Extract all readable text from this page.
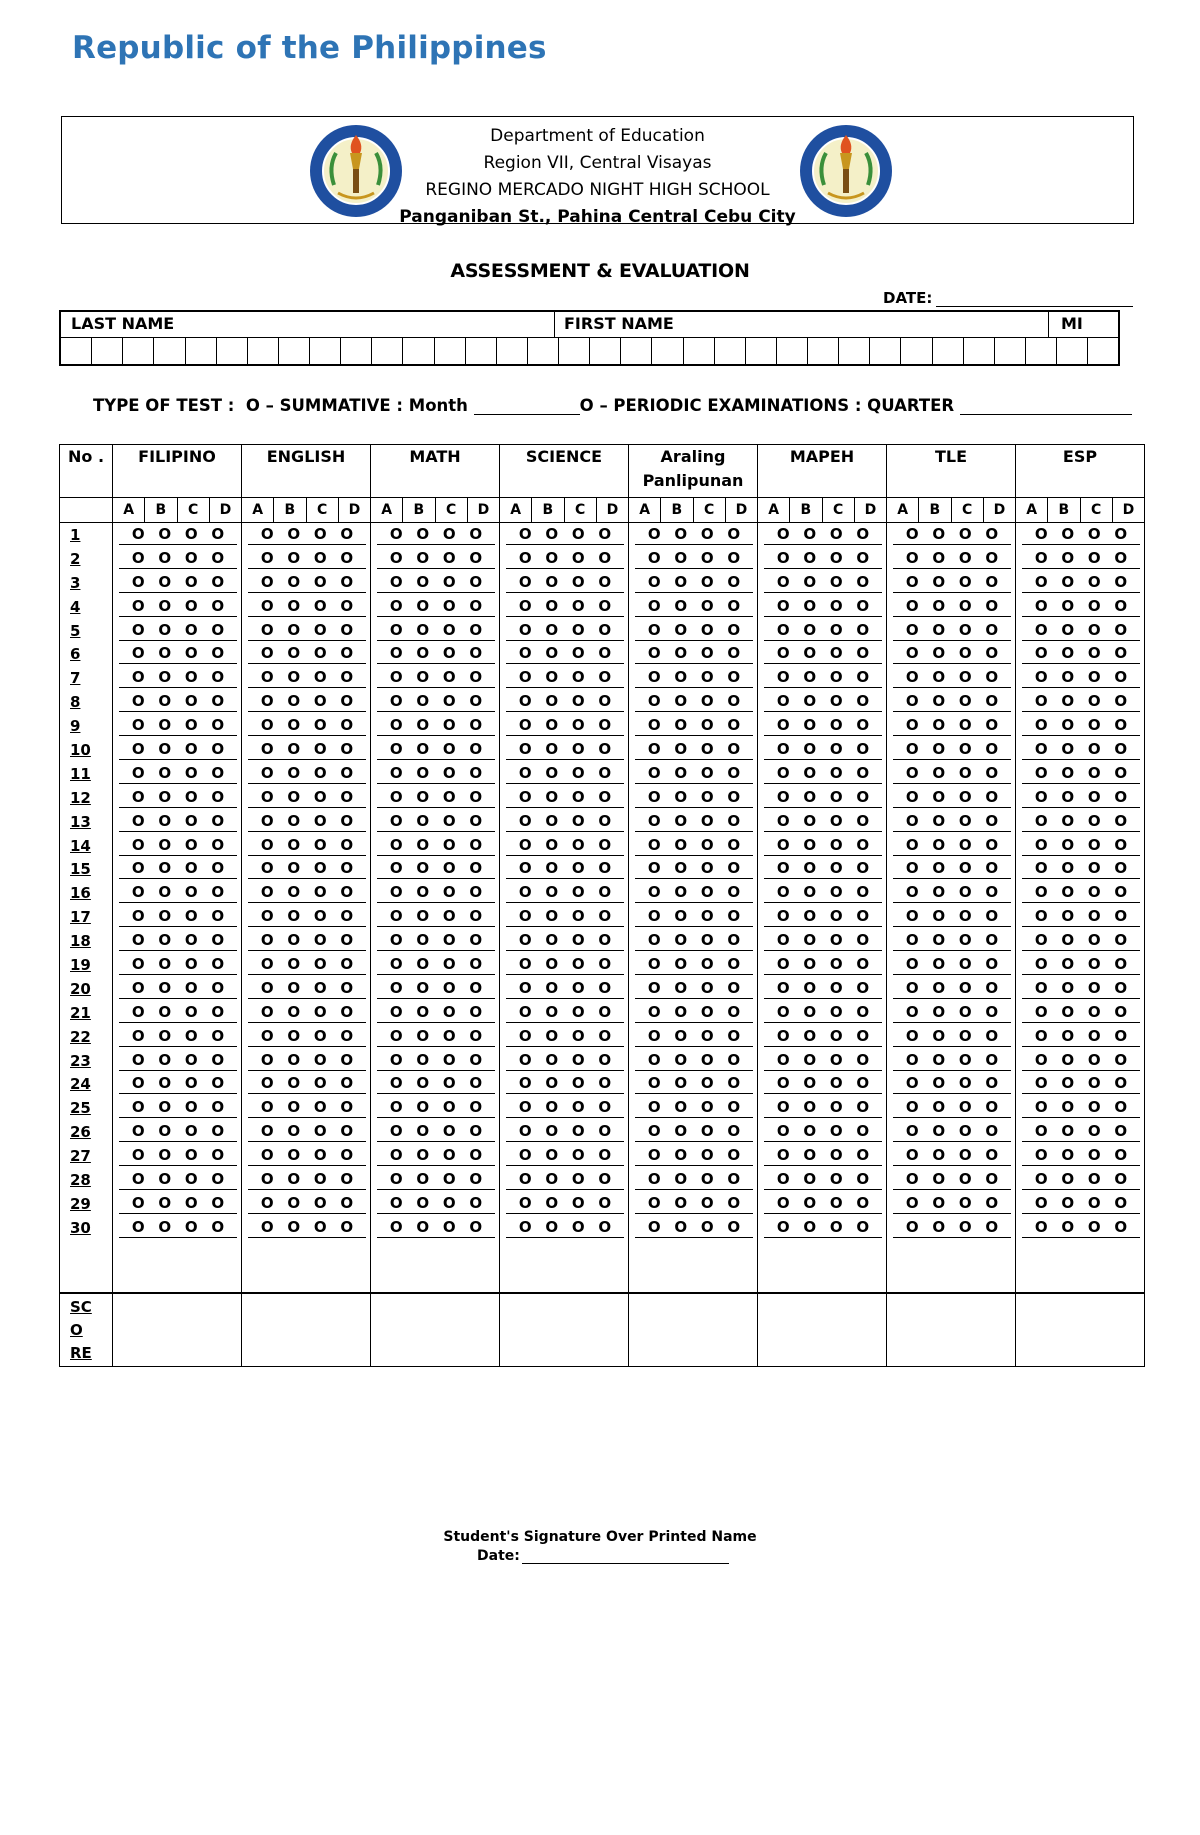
Republic of the Philippines
Department of Education
Region VII, Central Visayas
REGINO MERCADO NIGHT HIGH SCHOOL
Panganiban St., Pahina Central Cebu City
ASSESSMENT & EVALUATION
DATE:
LAST NAME	FIRST NAME	MI
TYPE OF TEST : O – SUMMATIVE : Month	O – PERIODIC EXAMINATIONS : QUARTER
No .	FILIPINO	ENGLISH	MATH	SCIENCE	Araling Panlipunan	MAPEH	TLE	ESP

	A B C D	A B C D	A B C D	A B C D	A B C D	A B C D	A B C D	A B C D

1	O O O O	O O O O	O O O O	O O O O	O O O O	O O O O	O O O O	O O O O

2	O O O O	O O O O	O O O O	O O O O	O O O O	O O O O	O O O O	O O O O

3	O O O O	O O O O	O O O O	O O O O	O O O O	O O O O	O O O O	O O O O

4	O O O O	O O O O	O O O O	O O O O	O O O O	O O O O	O O O O	O O O O

5	O O O O	O O O O	O O O O	O O O O	O O O O	O O O O	O O O O	O O O O

6	O O O O	O O O O	O O O O	O O O O	O O O O	O O O O	O O O O	O O O O

7	O O O O	O O O O	O O O O	O O O O	O O O O	O O O O	O O O O	O O O O

8	O O O O	O O O O	O O O O	O O O O	O O O O	O O O O	O O O O	O O O O

9	O O O O	O O O O	O O O O	O O O O	O O O O	O O O O	O O O O	O O O O

10	O O O O	O O O O	O O O O	O O O O	O O O O	O O O O	O O O O	O O O O

11	O O O O	O O O O	O O O O	O O O O	O O O O	O O O O	O O O O	O O O O

12	O O O O	O O O O	O O O O	O O O O	O O O O	O O O O	O O O O	O O O O

13	O O O O	O O O O	O O O O	O O O O	O O O O	O O O O	O O O O	O O O O

14	O O O O	O O O O	O O O O	O O O O	O O O O	O O O O	O O O O	O O O O

15	O O O O	O O O O	O O O O	O O O O	O O O O	O O O O	O O O O	O O O O

16	O O O O	O O O O	O O O O	O O O O	O O O O	O O O O	O O O O	O O O O

17	O O O O	O O O O	O O O O	O O O O	O O O O	O O O O	O O O O	O O O O

18	O O O O	O O O O	O O O O	O O O O	O O O O	O O O O	O O O O	O O O O

19	O O O O	O O O O	O O O O	O O O O	O O O O	O O O O	O O O O	O O O O

20	O O O O	O O O O	O O O O	O O O O	O O O O	O O O O	O O O O	O O O O

21	O O O O	O O O O	O O O O	O O O O	O O O O	O O O O	O O O O	O O O O

22	O O O O	O O O O	O O O O	O O O O	O O O O	O O O O	O O O O	O O O O

23	O O O O	O O O O	O O O O	O O O O	O O O O	O O O O	O O O O	O O O O

24	O O O O	O O O O	O O O O	O O O O	O O O O	O O O O	O O O O	O O O O

25	O O O O	O O O O	O O O O	O O O O	O O O O	O O O O	O O O O	O O O O

26	O O O O	O O O O	O O O O	O O O O	O O O O	O O O O	O O O O	O O O O

27	O O O O	O O O O	O O O O	O O O O	O O O O	O O O O	O O O O	O O O O

28	O O O O	O O O O	O O O O	O O O O	O O O O	O O O O	O O O O	O O O O

29	O O O O	O O O O	O O O O	O O O O	O O O O	O O O O	O O O O	O O O O

30	O O O O	O O O O	O O O O	O O O O	O O O O	O O O O	O O O O	O O O O

SC
O
RE								

Student's Signature Over Printed Name
Date:
